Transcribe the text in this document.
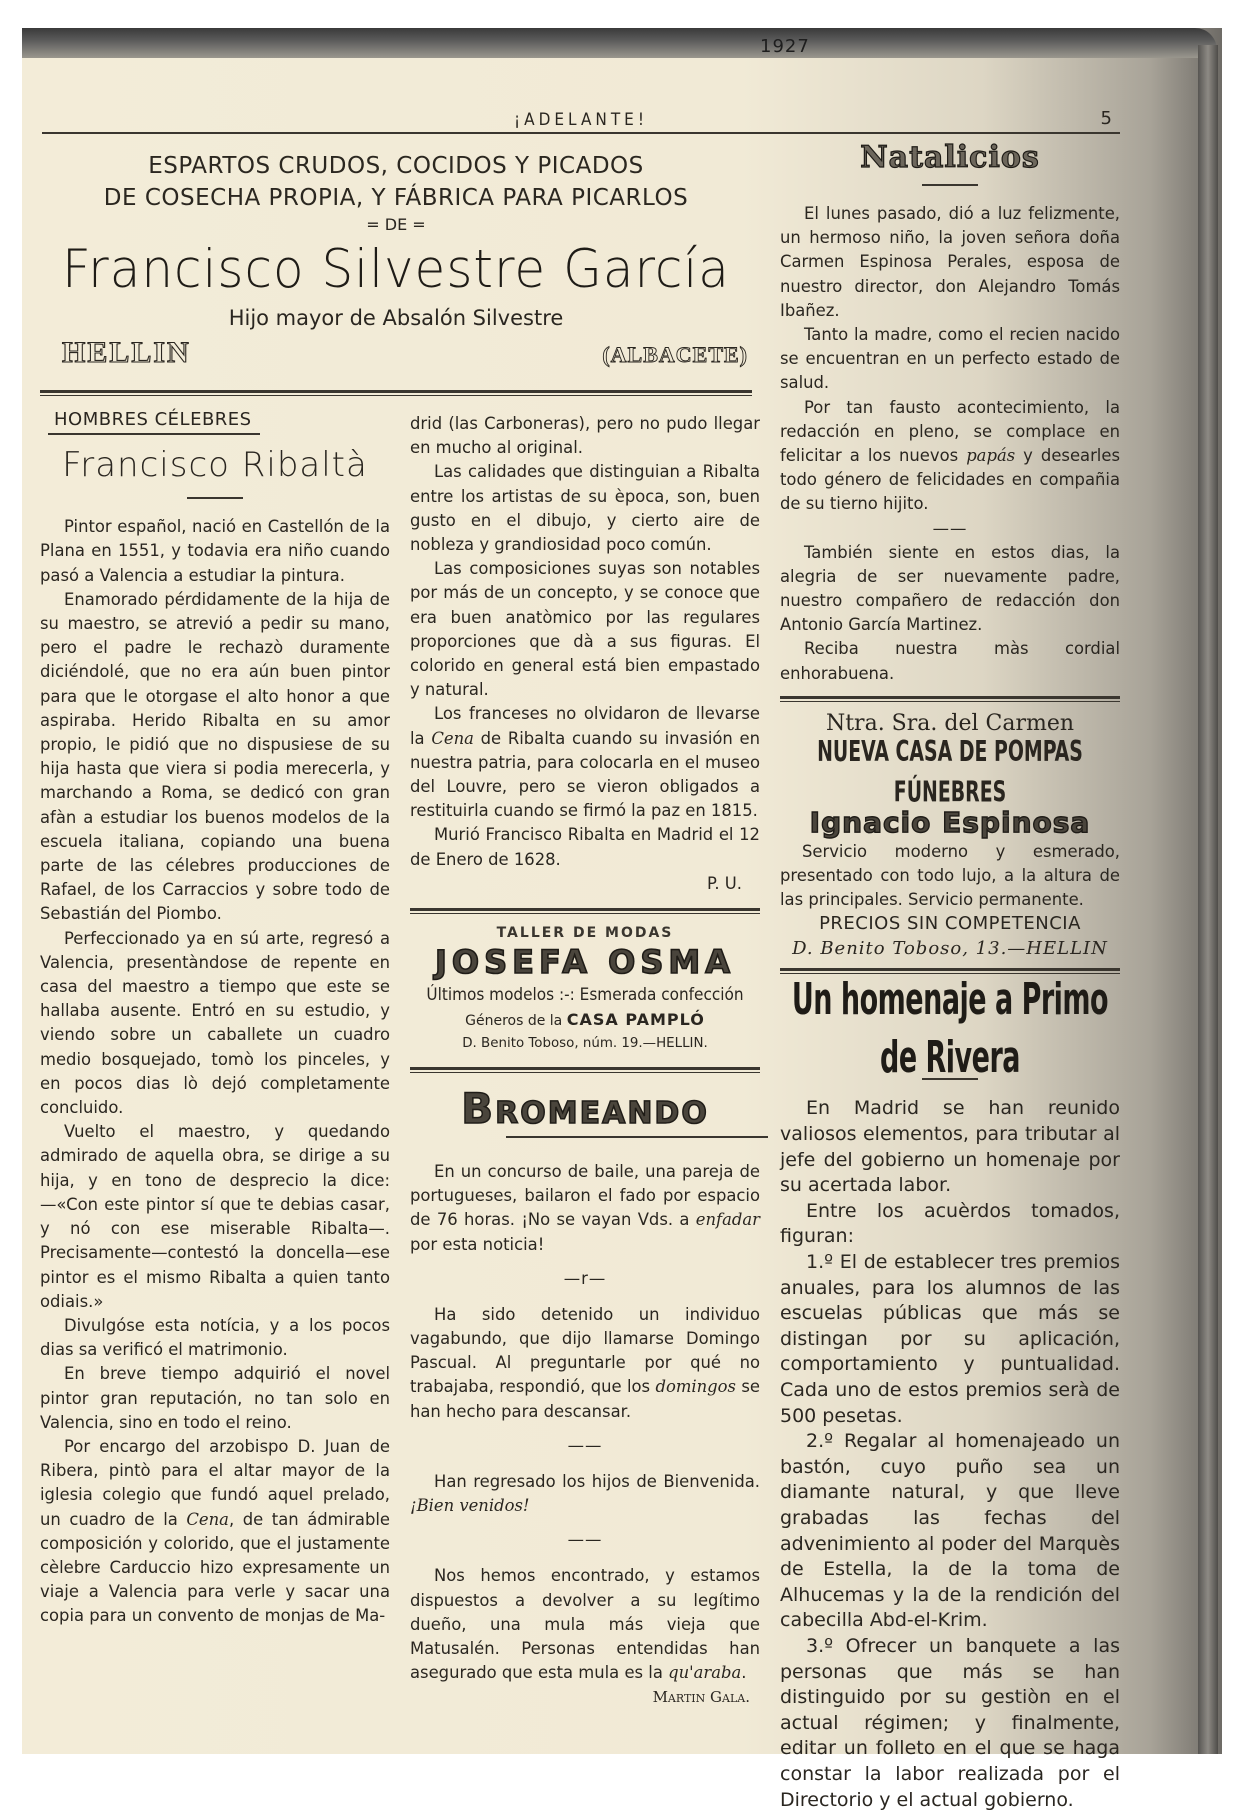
1927
¡ADELANTE!	5
ESPARTOS CRUDOS, COCIDOS Y PICADOS
DE COSECHA PROPIA, Y FÁBRICA PARA PICARLOS
= DE =
Francisco Silvestre García
Hijo mayor de Absalón Silvestre
HELLIN	(ALBACETE)
HOMBRES CÉLEBRES
Francisco Ribaltà

Pintor español, nació en Castellón de la Plana en 1551, y todavia era niño cuando pasó a Valencia a estudiar la pintura.

Enamorado pérdidamente de la hija de su maestro, se atrevió a pedir su mano, pero el padre le rechazò duramente diciéndolé, que no era aún buen pintor para que le otorgase el alto honor a que aspiraba. Herido Ribalta en su amor propio, le pidió que no dispusiese de su hija hasta que viera si podia merecerla, y marchando a Roma, se dedicó con gran afàn a estudiar los buenos modelos de la escuela italiana, copiando una buena parte de las célebres producciones de Rafael, de los Carraccios y sobre todo de Sebastián del Piombo.

Perfeccionado ya en sú arte, regresó a Valencia, presentàndose de repente en casa del maestro a tiempo que este se hallaba ausente. Entró en su estudio, y viendo sobre un caballete un cuadro medio bosquejado, tomò los pinceles, y en pocos dias lò dejó completamente concluido.

Vuelto el maestro, y quedando admirado de aquella obra, se dirige a su hija, y en tono de desprecio la dice: —«Con este pintor sí que te debias casar, y nó con ese miserable Ribalta—. Precisamente—contestó la doncella—ese pintor es el mismo Ribalta a quien tanto odiais.»

Divulgóse esta notícia, y a los pocos dias sa verificó el matrimonio.

En breve tiempo adquirió el novel pintor gran reputación, no tan solo en Valencia, sino en todo el reino.

Por encargo del arzobispo D. Juan de Ribera, pintò para el altar mayor de la iglesia colegio que fundó aquel prelado, un cuadro de la Cena, de tan ádmirable composición y colorido, que el justamente cèlebre Carduccio hizo expresamente un viaje a Valencia para verle y sacar una copia para un convento de monjas de Ma-

drid (las Carboneras), pero no pudo llegar en mucho al original.

Las calidades que distinguian a Ribalta entre los artistas de su època, son, buen gusto en el dibujo, y cierto aire de nobleza y grandiosidad poco común.

Las composiciones suyas son notables por más de un concepto, y se conoce que era buen anatòmico por las regulares proporciones que dà a sus figuras. El colorido en general está bien empastado y natural.

Los franceses no olvidaron de llevarse la Cena de Ribalta cuando su invasión en nuestra patria, para colocarla en el museo del Louvre, pero se vieron obligados a restituirla cuando se firmó la paz en 1815.

Murió Francisco Ribalta en Madrid el 12 de Enero de 1628.

P. U.
TALLER DE MODAS
JOSEFA OSMA
Últimos modelos :-: Esmerada confección
Géneros de la CASA PAMPLÓ
D. Benito Toboso, núm. 19.—HELLIN.
BROMEANDO

En un concurso de baile, una pareja de portugueses, bailaron el fado por espacio de 76 horas. ¡No se vayan Vds. a enfadar por esta noticia!

—r—

Ha sido detenido un individuo vagabundo, que dijo llamarse Domingo Pascual. Al preguntarle por qué no trabajaba, respondió, que los domingos se han hecho para descansar.

——

Han regresado los hijos de Bienvenida. ¡Bien venidos!

——

Nos hemos encontrado, y estamos dispuestos a devolver a su legítimo dueño, una mula más vieja que Matusalén. Personas entendidas han asegurado que esta mula es la qu'araba.

Martin Gala.
Natalicios

El lunes pasado, dió a luz felizmente, un hermoso niño, la joven señora doña Carmen Espinosa Perales, esposa de nuestro director, don Alejandro Tomás Ibañez.

Tanto la madre, como el recien nacido se encuentran en un perfecto estado de salud.

Por tan fausto acontecimiento, la redacción en pleno, se complace en felicitar a los nuevos papás y desearles todo género de felicidades en compañia de su tierno hijito.

——

También siente en estos dias, la alegria de ser nuevamente padre, nuestro compañero de redacción don Antonio García Martinez.

Reciba nuestra màs cordial enhorabuena.

Ntra. Sra. del Carmen
NUEVA CASA DE POMPAS FÚNEBRES
Ignacio Espinosa

Servicio moderno y esmerado, presentado con todo lujo, a la altura de las principales. Servicio permanente.

PRECIOS SIN COMPETENCIA
D. Benito Toboso, 13.—HELLIN
Un homenaje a Primo de Rivera

En Madrid se han reunido valiosos elementos, para tributar al jefe del gobierno un homenaje por su acertada labor.

Entre los acuèrdos tomados, figuran:

1.º El de establecer tres premios anuales, para los alumnos de las escuelas públicas que más se distingan por su aplicación, comportamiento y puntualidad. Cada uno de estos premios serà de 500 pesetas.

2.º Regalar al homenajeado un bastón, cuyo puño sea un diamante natural, y que lleve grabadas las fechas del advenimiento al poder del Marquès de Estella, la de la toma de Alhucemas y la de la rendición del cabecilla Abd-el-Krim.

3.º Ofrecer un banquete a las personas que más se han distinguido por su gestiòn en el actual régimen; y finalmente, editar un folleto en el que se haga constar la labor realizada por el Directorio y el actual gobierno.
